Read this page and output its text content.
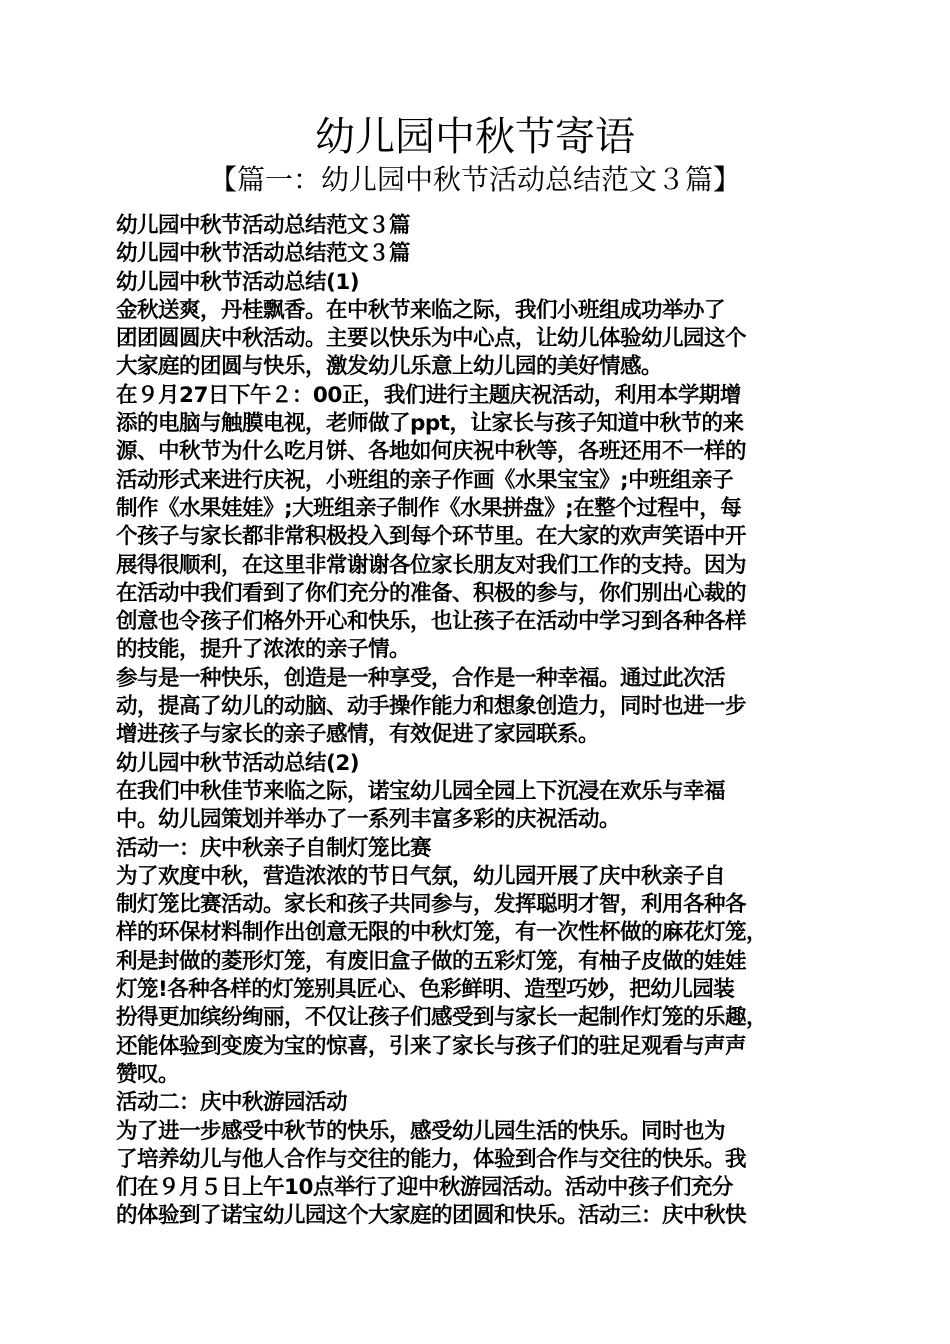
幼儿园中秋节寄语
【篇一：幼儿园中秋节活动总结范文３篇】
幼儿园中秋节活动总结范文３篇
幼儿园中秋节活动总结范文３篇
幼儿园中秋节活动总结(1)
金秋送爽，丹桂飘香。在中秋节来临之际，我们小班组成功举办了
团团圆圆庆中秋活动。主要以快乐为中心点，让幼儿体验幼儿园这个
大家庭的团圆与快乐，激发幼儿乐意上幼儿园的美好情感。
在９月27日下午２：00正，我们进行主题庆祝活动，利用本学期增
添的电脑与触膜电视，老师做了ppt，让家长与孩子知道中秋节的来
源、中秋节为什么吃月饼、各地如何庆祝中秋等，各班还用不一样的
活动形式来进行庆祝，小班组的亲子作画《水果宝宝》;中班组亲子
制作《水果娃娃》;大班组亲子制作《水果拼盘》;在整个过程中，每
个孩子与家长都非常积极投入到每个环节里。在大家的欢声笑语中开
展得很顺利，在这里非常谢谢各位家长朋友对我们工作的支持。因为
在活动中我们看到了你们充分的准备、积极的参与，你们别出心裁的
创意也令孩子们格外开心和快乐，也让孩子在活动中学习到各种各样
的技能，提升了浓浓的亲子情。
参与是一种快乐，创造是一种享受，合作是一种幸福。通过此次活
动，提高了幼儿的动脑、动手操作能力和想象创造力，同时也进一步
增进孩子与家长的亲子感情，有效促进了家园联系。
幼儿园中秋节活动总结(2)
在我们中秋佳节来临之际，诺宝幼儿园全园上下沉浸在欢乐与幸福
中。幼儿园策划并举办了一系列丰富多彩的庆祝活动。
活动一：庆中秋亲子自制灯笼比赛
为了欢度中秋，营造浓浓的节日气氛，幼儿园开展了庆中秋亲子自
制灯笼比赛活动。家长和孩子共同参与，发挥聪明才智，利用各种各
样的环保材料制作出创意无限的中秋灯笼，有一次性杯做的麻花灯笼，
利是封做的菱形灯笼，有废旧盒子做的五彩灯笼，有柚子皮做的娃娃
灯笼!各种各样的灯笼别具匠心、色彩鲜明、造型巧妙，把幼儿园装
扮得更加缤纷绚丽，不仅让孩子们感受到与家长一起制作灯笼的乐趣，
还能体验到变废为宝的惊喜，引来了家长与孩子们的驻足观看与声声
赞叹。
活动二：庆中秋游园活动
为了进一步感受中秋节的快乐，感受幼儿园生活的快乐。同时也为
了培养幼儿与他人合作与交往的能力，体验到合作与交往的快乐。我
们在９月５日上午10点举行了迎中秋游园活动。活动中孩子们充分
的体验到了诺宝幼儿园这个大家庭的团圆和快乐。活动三：庆中秋快
